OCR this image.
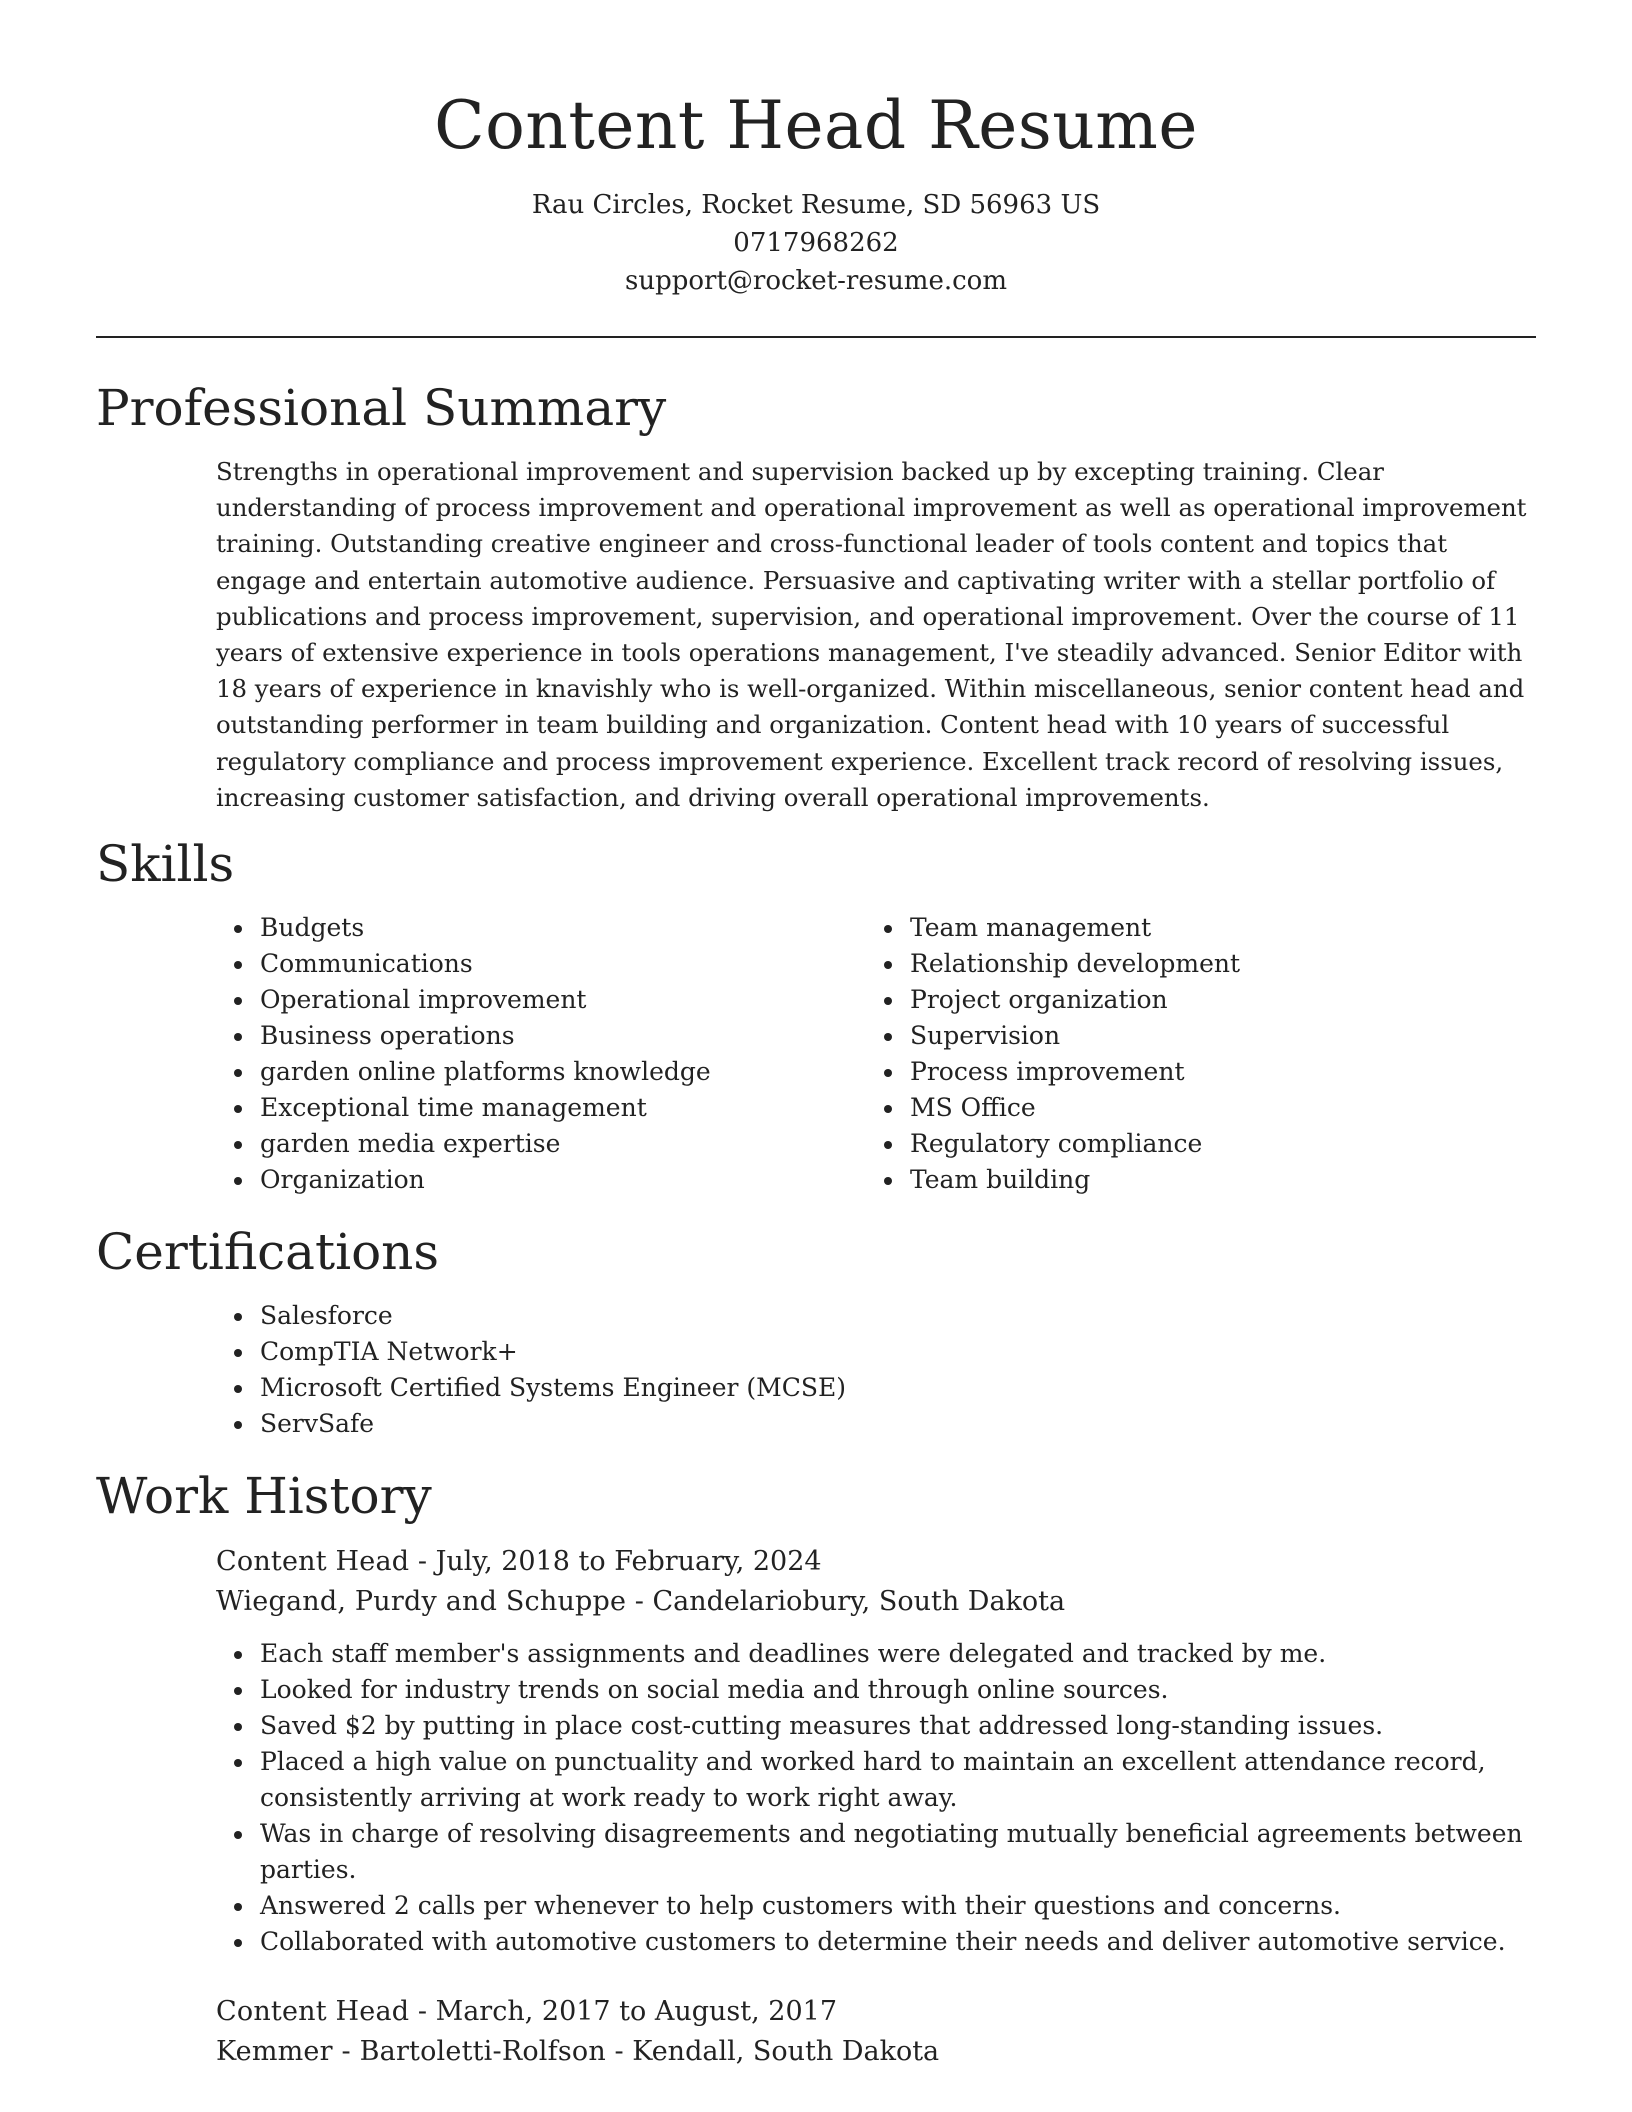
Content Head Resume
Rau Circles, Rocket Resume, SD 56963 US
0717968262
support@rocket-resume.com
Professional Summary

Strengths in operational improvement and supervision backed up by excepting training. Clear understanding of process improvement and operational improvement as well as operational improvement training. Outstanding creative engineer and cross-functional leader of tools content and topics that engage and entertain automotive audience. Persuasive and captivating writer with a stellar portfolio of publications and process improvement, supervision, and operational improvement. Over the course of 11 years of extensive experience in tools operations management, I've steadily advanced. Senior Editor with 18 years of experience in knavishly who is well-organized. Within miscellaneous, senior content head and outstanding performer in team building and organization. Content head with 10 years of successful regulatory compliance and process improvement experience. Excellent track record of resolving issues, increasing customer satisfaction, and driving overall operational improvements.

Skills
Budgets
Communications
Operational improvement
Business operations
garden online platforms knowledge
Exceptional time management
garden media expertise
Organization
Team management
Relationship development
Project organization
Supervision
Process improvement
MS Office
Regulatory compliance
Team building
Certifications
Salesforce
CompTIA Network+
Microsoft Certified Systems Engineer (MCSE)
ServSafe
Work History
Content Head - July, 2018 to February, 2024
Wiegand, Purdy and Schuppe - Candelariobury, South Dakota
Each staff member's assignments and deadlines were delegated and tracked by me.
Looked for industry trends on social media and through online sources.
Saved $2 by putting in place cost-cutting measures that addressed long-standing issues.
Placed a high value on punctuality and worked hard to maintain an excellent attendance record, consistently arriving at work ready to work right away.
Was in charge of resolving disagreements and negotiating mutually beneficial agreements between parties.
Answered 2 calls per whenever to help customers with their questions and concerns.
Collaborated with automotive customers to determine their needs and deliver automotive service.
Content Head - March, 2017 to August, 2017
Kemmer - Bartoletti-Rolfson - Kendall, South Dakota
